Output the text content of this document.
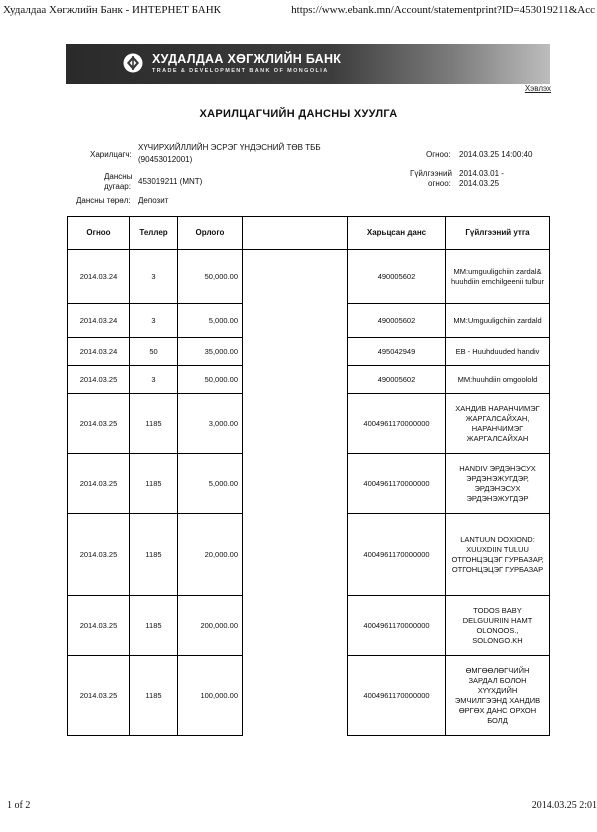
Худалдаа Хөгжлийн Банк - ИНТЕРНЕТ БАНК	https://www.ebank.mn/Account/statementprint?ID=453019211&Acc
ХУДАЛДАА ХӨГЖЛИЙН БАНК
TRADE & DEVELOPMENT BANK OF MONGOLIA
Хэвлэх
ХАРИЛЦАГЧИЙН ДАНСНЫ ХУУЛГА
Харилцагч:
ХҮЧИРХИЙЛЛИЙН ЭСРЭГ ҮНДЭСНИЙ ТӨВ ТББ
(90453012001)
Дансны
дугаар:
453019211 (MNT)
Дансны төрөл: Депозит
Огноо: 2014.03.25 14:00:40
Гүйлгээний
огноо:
2014.03.01 -
2014.03.25
Огноо	Теллер	Орлого		Харьцсан данс	Гүйлгээний утга
2014.03.24	3	50,000.00		490005602	MM:umguuligchiin zardal& huuhdiin emchilgeenii tulbur
2014.03.24	3	5,000.00		490005602	MM:Umguuligchiin zardald
2014.03.24	50	35,000.00		495042949	EB - Huuhduuded handiv
2014.03.25	3	50,000.00		490005602	MM:huuhdiin omgoolold
2014.03.25	1185	3,000.00		4004961170000000	ХАНДИВ НАРАНЧИМЭГ ЖАРГАЛСАЙХАН, НАРАНЧИМЭГ ЖАРГАЛСАЙХАН
2014.03.25	1185	5,000.00		4004961170000000	HANDIV ЭРДЭНЭСУХ ЭРДЭНЭЖУГДЭР, ЭРДЭНЭСУХ ЭРДЭНЭЖУГДЭР
2014.03.25	1185	20,000.00		4004961170000000	LANTUUN DOXIOND: XUUXDIIN TULUU ОТГОНЦЭЦЭГ ГУРБАЗАР, ОТГОНЦЭЦЭГ ГУРБАЗАР
2014.03.25	1185	200,000.00		4004961170000000	TODOS BABY DELGUURIIN HAMT OLONOOS., SOLONGO.KH
2014.03.25	1185	100,000.00		4004961170000000	ӨМГӨӨЛӨГЧИЙН ЗАРДАЛ БОЛОН ХҮҮХДИЙН ЭМЧИЛГЭЭНД ХАНДИВ ӨРГӨХ ДАНС ОРХОН БОЛД
1 of 2	2014.03.25 2:01
